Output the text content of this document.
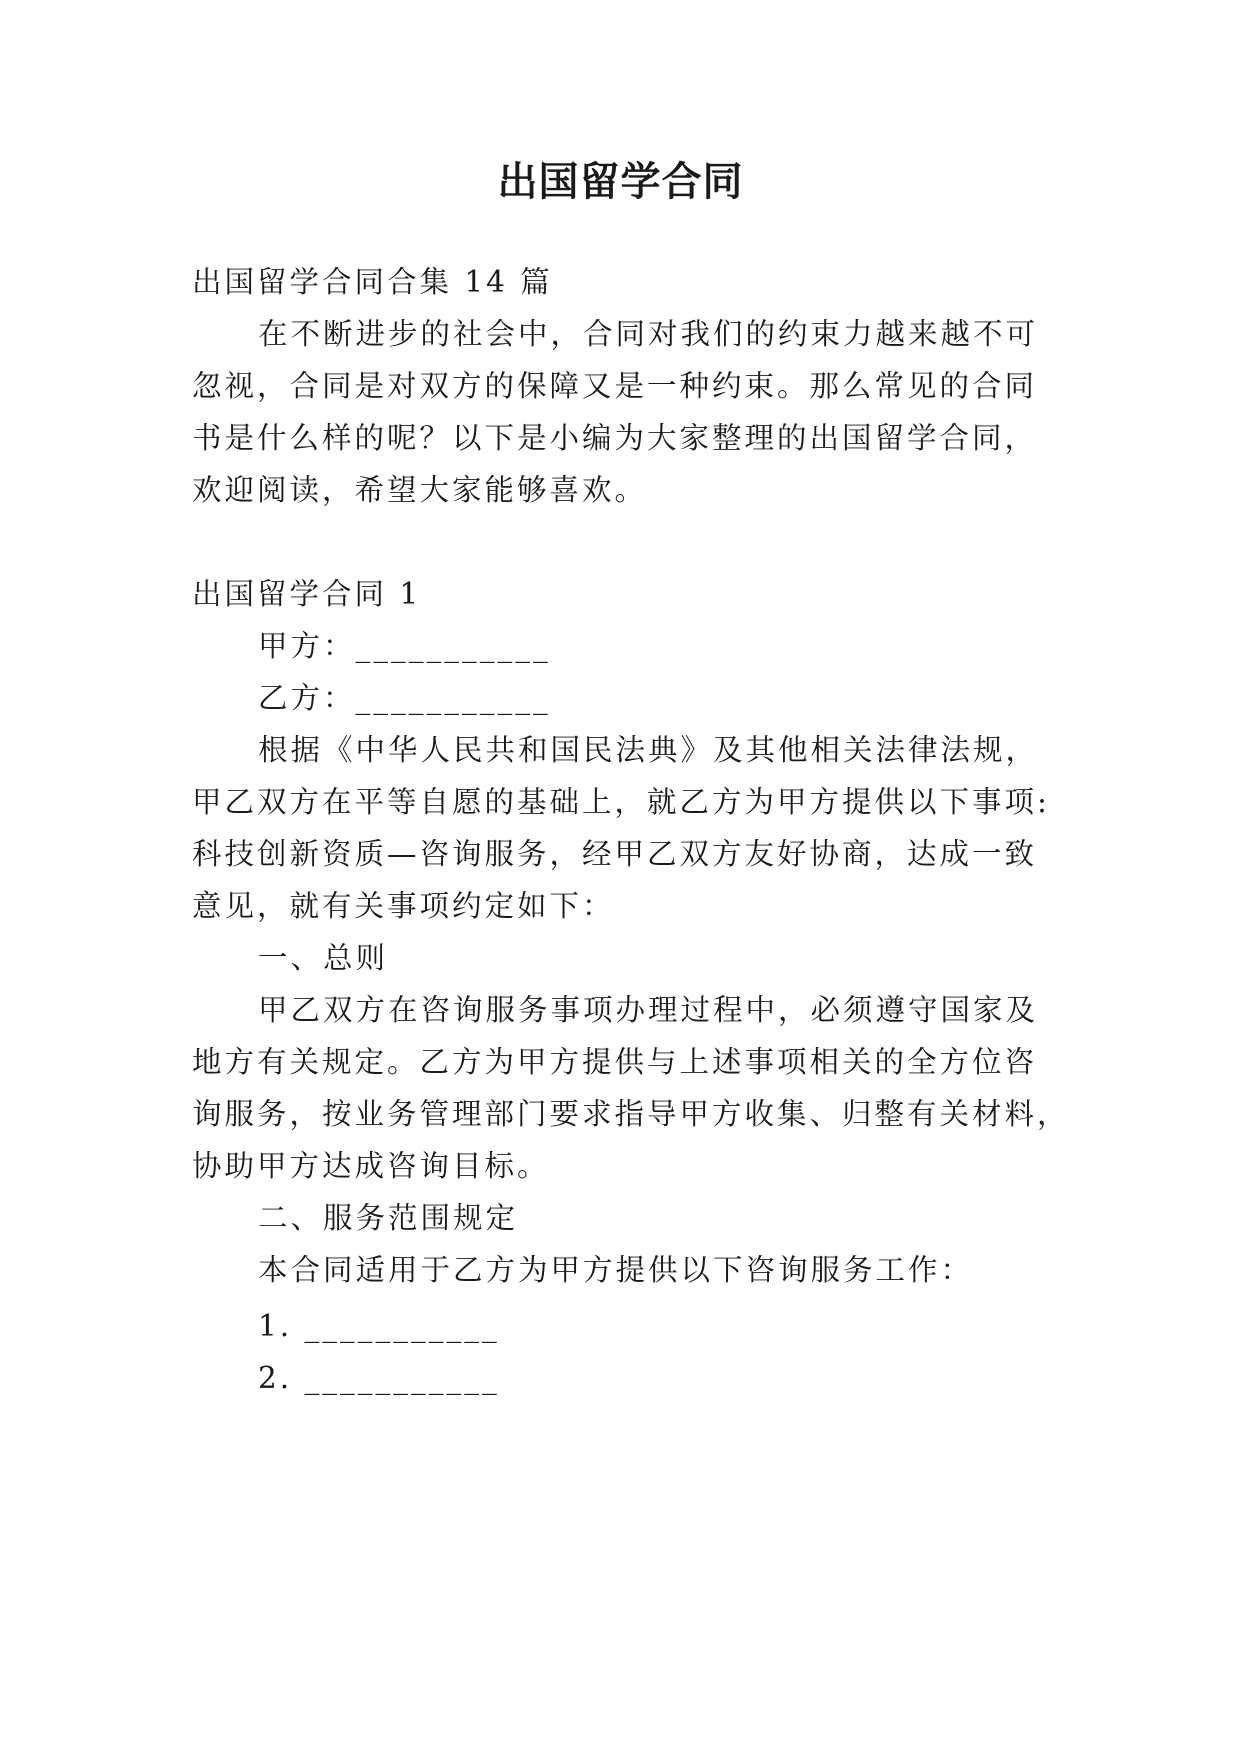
出国留学合同

出国留学合同合集 14 篇

在不断进步的社会中，合同对我们的约束力越来越不可

忽视，合同是对双方的保障又是一种约束。那么常见的合同

书是什么样的呢？以下是小编为大家整理的出国留学合同，

欢迎阅读，希望大家能够喜欢。

出国留学合同 1

甲方：___________

乙方：___________

根据《中华人民共和国民法典》及其他相关法律法规，

甲乙双方在平等自愿的基础上，就乙方为甲方提供以下事项:

科技创新资质—咨询服务，经甲乙双方友好协商，达成一致

意见，就有关事项约定如下：

一、总则

甲乙双方在咨询服务事项办理过程中，必须遵守国家及

地方有关规定。乙方为甲方提供与上述事项相关的全方位咨

询服务，按业务管理部门要求指导甲方收集、归整有关材料，

协助甲方达成咨询目标。

二、服务范围规定

本合同适用于乙方为甲方提供以下咨询服务工作：

1. ___________

2. ___________
